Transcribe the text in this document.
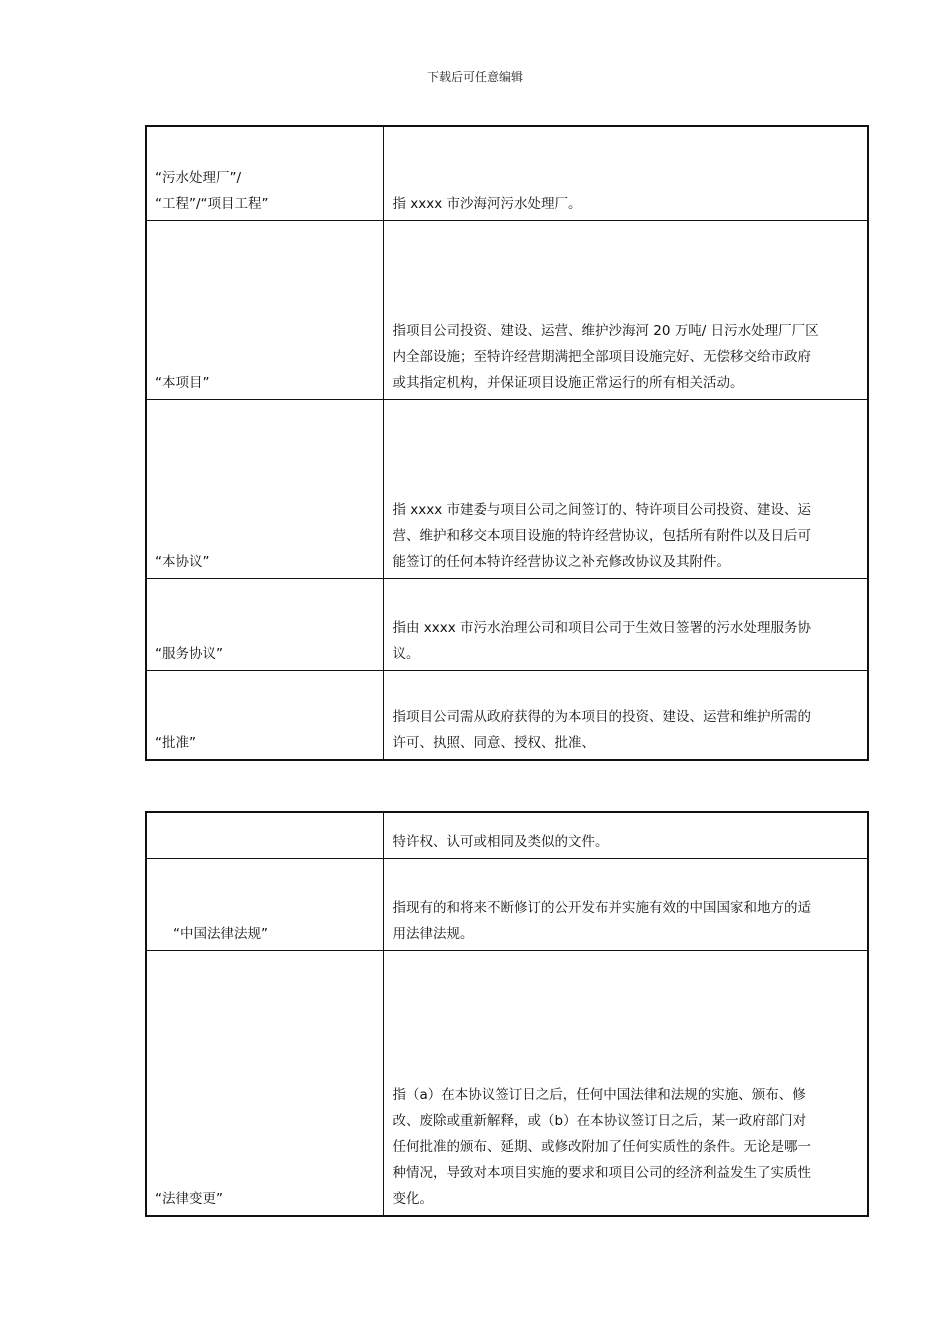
下载后可任意编辑
“污水处理厂”/
“工程”/“项目工程”	指 xxxx 市沙海河污水处理厂。

“本项目”	指项目公司投资、建设、运营、维护沙海河 20 万吨/ 日污水处理厂厂区
内全部设施；至特许经营期满把全部项目设施完好、无偿移交给市政府
或其指定机构，并保证项目设施正常运行的所有相关活动。

“本协议”	指 xxxx 市建委与项目公司之间签订的、特许项目公司投资、建设、运
营、维护和移交本项目设施的特许经营协议，包括所有附件以及日后可
能签订的任何本特许经营协议之补充修改协议及其附件。

“服务协议”	指由 xxxx 市污水治理公司和项目公司于生效日签署的污水处理服务协
议。

“批准”	指项目公司需从政府获得的为本项目的投资、建设、运营和维护所需的
许可、执照、同意、授权、批准、

	特许权、认可或相同及类似的文件。

“中国法律法规”	指现有的和将来不断修订的公开发布并实施有效的中国国家和地方的适
用法律法规。

“法律变更”	指（a）在本协议签订日之后，任何中国法律和法规的实施、颁布、修
改、废除或重新解释，或（b）在本协议签订日之后，某一政府部门对
任何批准的颁布、延期、或修改附加了任何实质性的条件。无论是哪一
种情况，导致对本项目实施的要求和项目公司的经济利益发生了实质性
变化。
